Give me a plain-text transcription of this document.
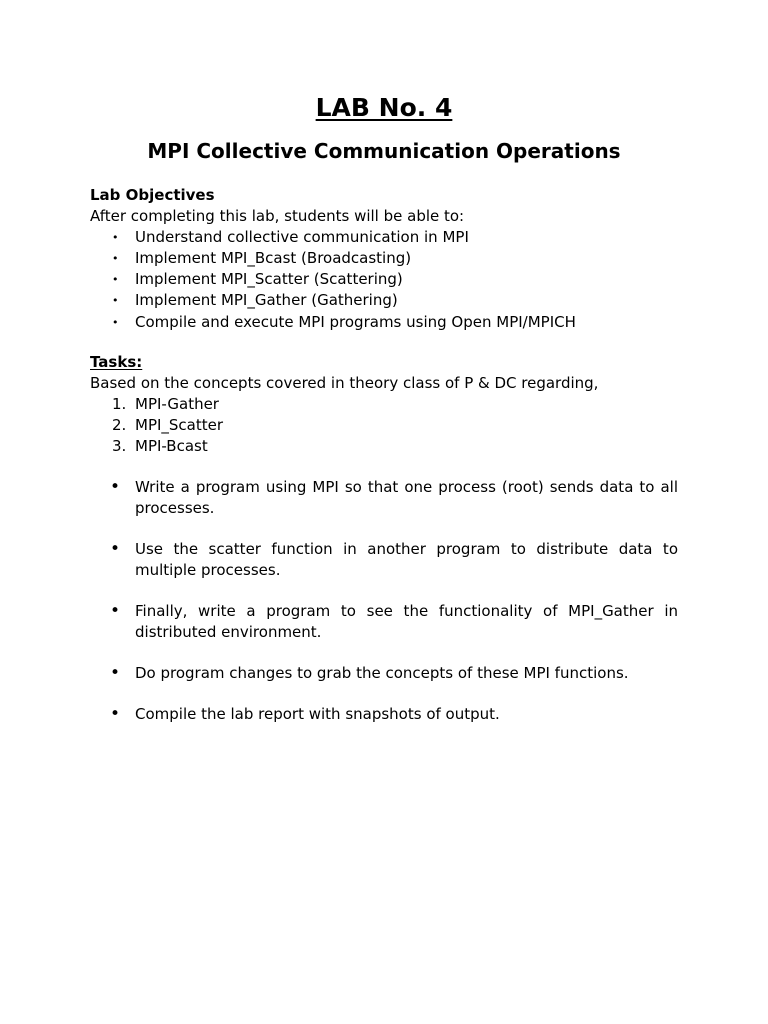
LAB No. 4
MPI Collective Communication Operations
Lab Objectives
After completing this lab, students will be able to:
•	Understand collective communication in MPI
•	Implement MPI_Bcast (Broadcasting)
•	Implement MPI_Scatter (Scattering)
•	Implement MPI_Gather (Gathering)
•	Compile and execute MPI programs using Open MPI/MPICH
Tasks:
Based on the concepts covered in theory class of P & DC regarding,
1. MPI-Gather
2. MPI_Scatter
3. MPI-Bcast
• Write a program using MPI so that one process (root) sends data to all processes.
• Use the scatter function in another program to distribute data to multiple processes.
• Finally, write a program to see the functionality of MPI_Gather in distributed environment.
• Do program changes to grab the concepts of these MPI functions.
• Compile the lab report with snapshots of output.
